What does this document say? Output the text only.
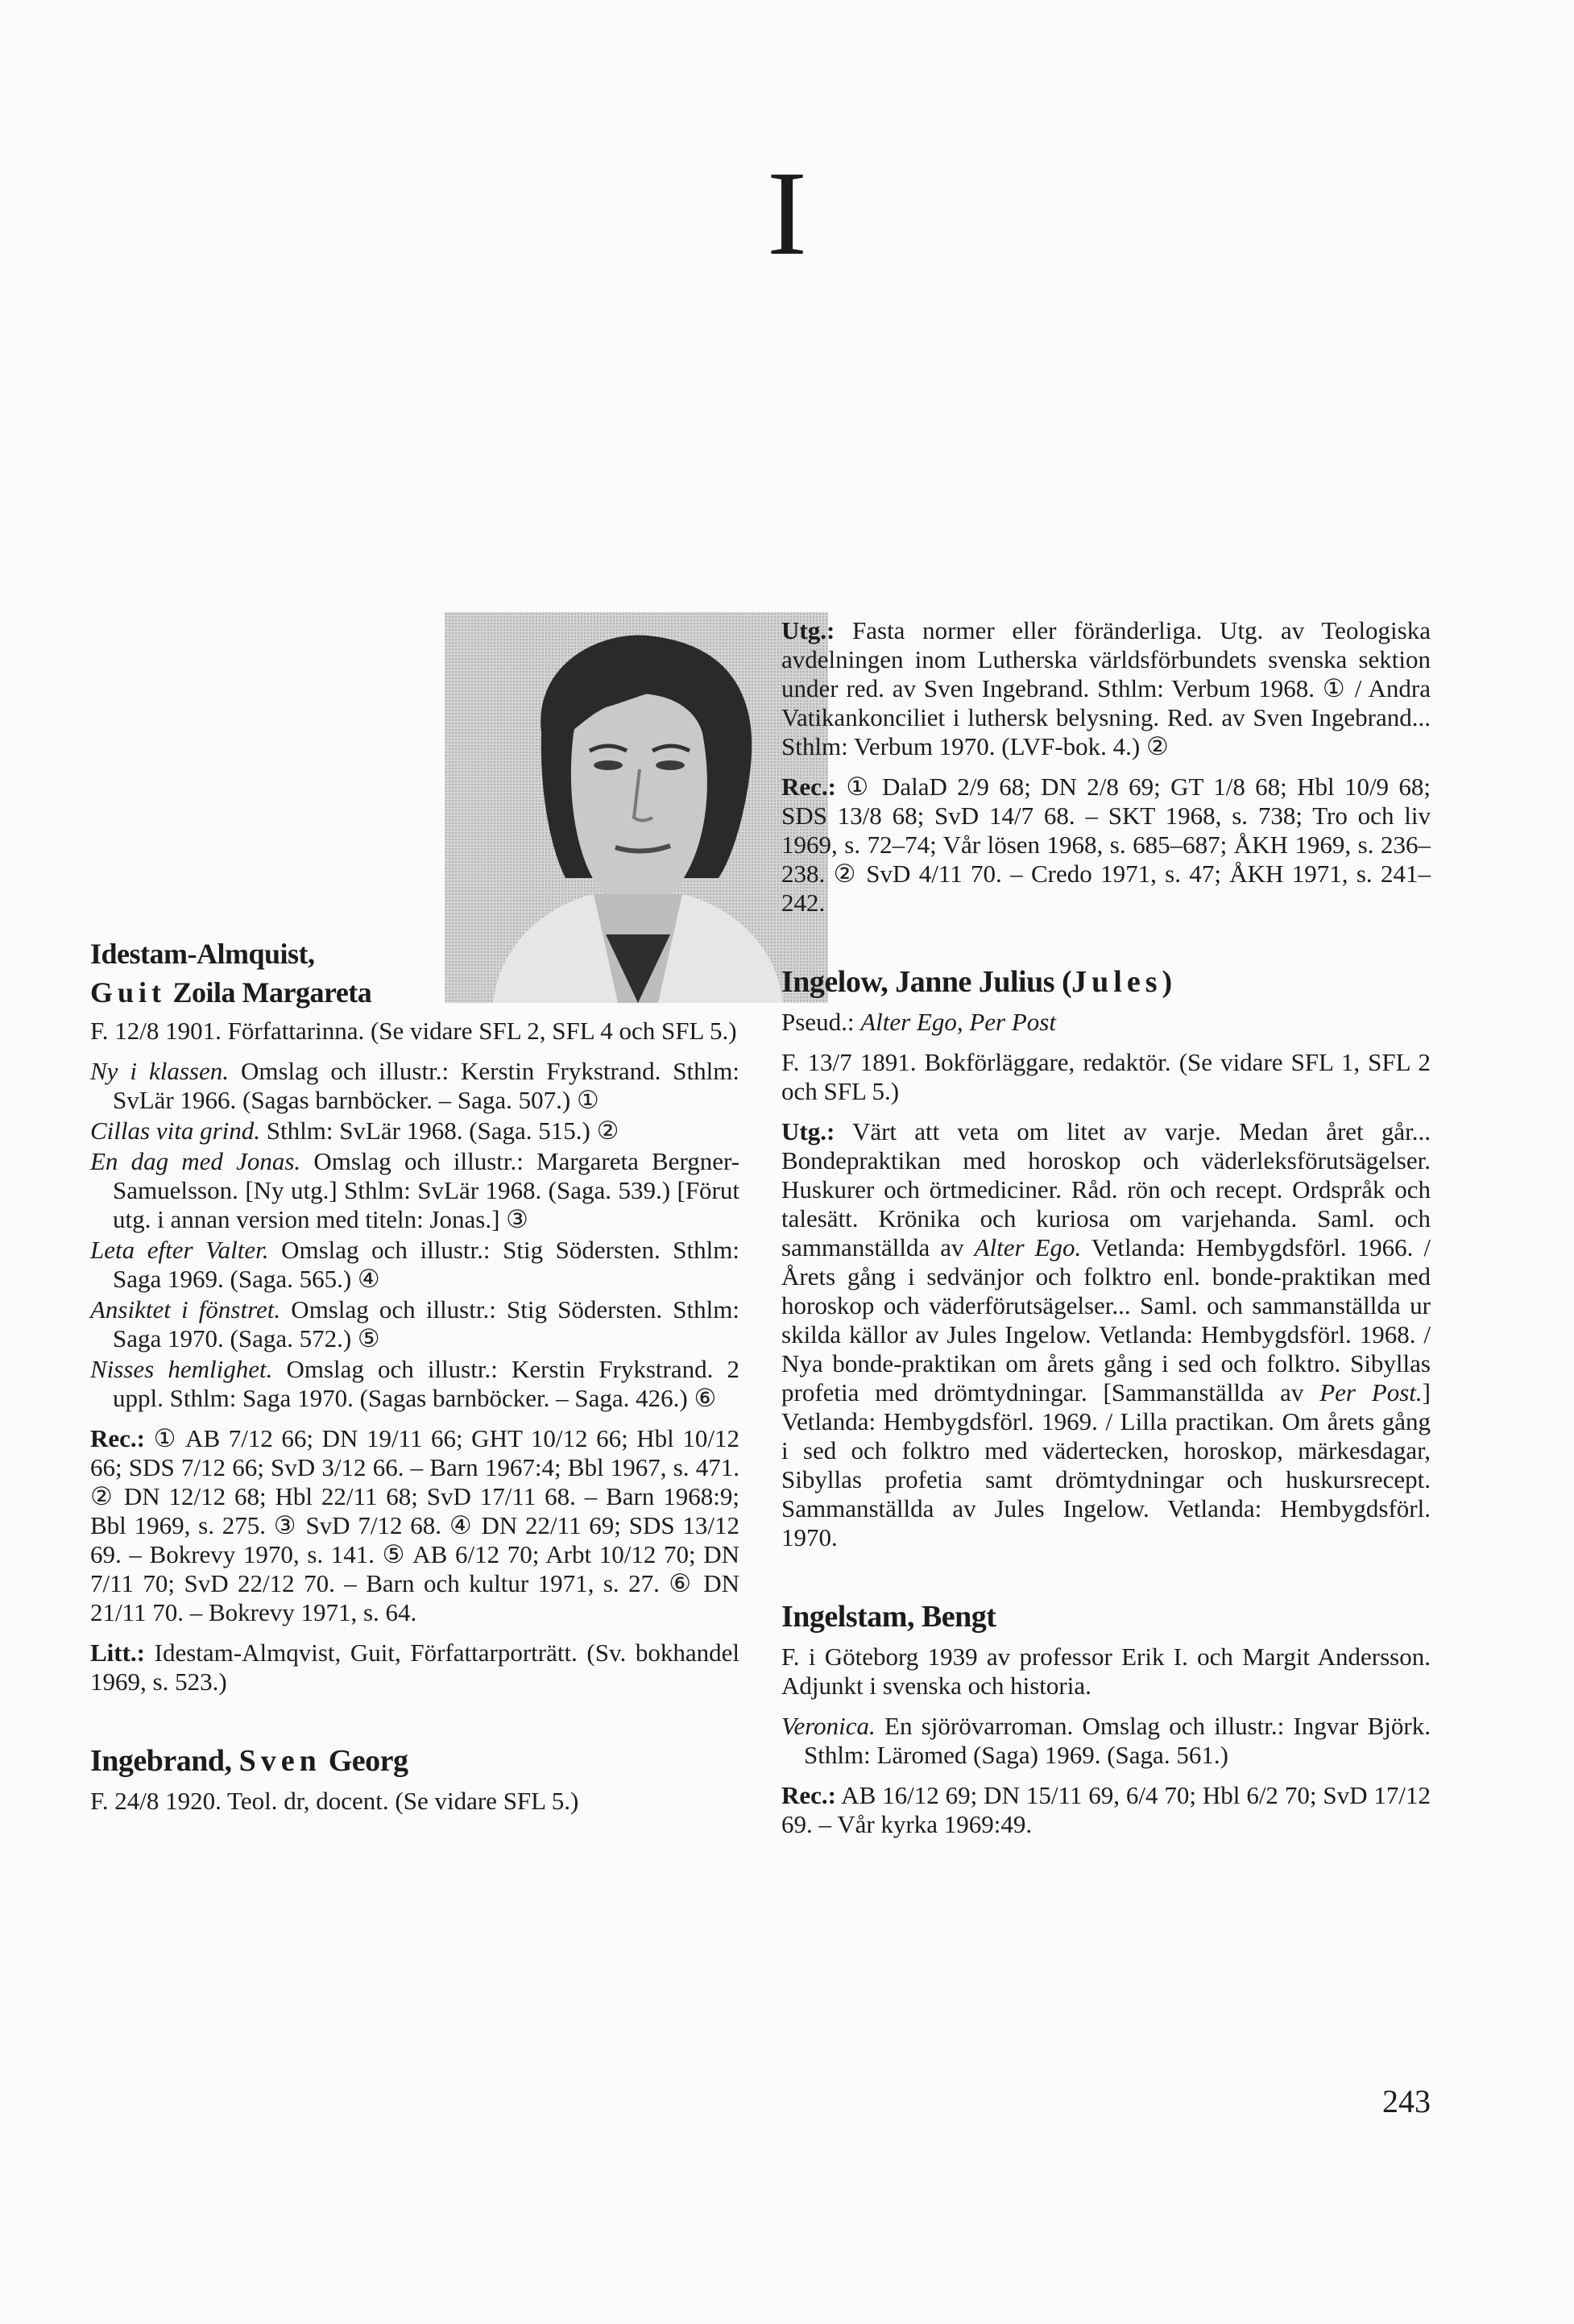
I
Idestam-Almquist,
Guit Zoila Margareta

F. 12/8 1901. Författarinna. (Se vidare SFL 2, SFL 4 och SFL 5.)

Ny i klassen. Omslag och illustr.: Kerstin Frykstrand. Sthlm: SvLär 1966. (Sagas barnböcker. – Saga. 507.) ①

Cillas vita grind. Sthlm: SvLär 1968. (Saga. 515.) ②

En dag med Jonas. Omslag och illustr.: Margareta Bergner-Samuelsson. [Ny utg.] Sthlm: SvLär 1968. (Saga. 539.) [Förut utg. i annan version med titeln: Jonas.] ③

Leta efter Valter. Omslag och illustr.: Stig Södersten. Sthlm: Saga 1969. (Saga. 565.) ④

Ansiktet i fönstret. Omslag och illustr.: Stig Södersten. Sthlm: Saga 1970. (Saga. 572.) ⑤

Nisses hemlighet. Omslag och illustr.: Kerstin Frykstrand. 2 uppl. Sthlm: Saga 1970. (Sagas barnböcker. – Saga. 426.) ⑥

Rec.: ① AB 7/12 66; DN 19/11 66; GHT 10/12 66; Hbl 10/12 66; SDS 7/12 66; SvD 3/12 66. – Barn 1967:4; Bbl 1967, s. 471. ② DN 12/12 68; Hbl 22/11 68; SvD 17/11 68. – Barn 1968:9; Bbl 1969, s. 275. ③ SvD 7/12 68. ④ DN 22/11 69; SDS 13/12 69. – Bokrevy 1970, s. 141. ⑤ AB 6/12 70; Arbt 10/12 70; DN 7/11 70; SvD 22/12 70. – Barn och kultur 1971, s. 27. ⑥ DN 21/11 70. – Bokrevy 1971, s. 64.

Litt.: Idestam-Almqvist, Guit, Författarporträtt. (Sv. bokhandel 1969, s. 523.)

Ingebrand, Sven Georg

F. 24/8 1920. Teol. dr, docent. (Se vidare SFL 5.)

Utg.: Fasta normer eller föränderliga. Utg. av Teologiska avdelningen inom Lutherska världsförbundets svenska sektion under red. av Sven Ingebrand. Sthlm: Verbum 1968. ① / Andra Vatikankonciliet i luthersk belysning. Red. av Sven Ingebrand... Sthlm: Verbum 1970. (LVF-bok. 4.) ②

Rec.: ① DalaD 2/9 68; DN 2/8 69; GT 1/8 68; Hbl 10/9 68; SDS 13/8 68; SvD 14/7 68. – SKT 1968, s. 738; Tro och liv 1969, s. 72–74; Vår lösen 1968, s. 685–687; ÅKH 1969, s. 236–238. ② SvD 4/11 70. – Credo 1971, s. 47; ÅKH 1971, s. 241–242.

Ingelow, Janne Julius (Jules)

Pseud.: Alter Ego, Per Post

F. 13/7 1891. Bokförläggare, redaktör. (Se vidare SFL 1, SFL 2 och SFL 5.)

Utg.: Värt att veta om litet av varje. Medan året går... Bondepraktikan med horoskop och väderleksförutsägelser. Huskurer och örtmediciner. Råd. rön och recept. Ordspråk och talesätt. Krönika och kuriosa om varjehanda. Saml. och sammanställda av Alter Ego. Vetlanda: Hembygdsförl. 1966. / Årets gång i sedvänjor och folktro enl. bonde-praktikan med horoskop och väderförutsägelser... Saml. och sammanställda ur skilda källor av Jules Ingelow. Vetlanda: Hembygdsförl. 1968. / Nya bonde-praktikan om årets gång i sed och folktro. Sibyllas profetia med drömtydningar. [Sammanställda av Per Post.] Vetlanda: Hembygdsförl. 1969. / Lilla practikan. Om årets gång i sed och folktro med vädertecken, horoskop, märkesdagar, Sibyllas profetia samt drömtydningar och huskursrecept. Sammanställda av Jules Ingelow. Vetlanda: Hembygdsförl. 1970.

Ingelstam, Bengt

F. i Göteborg 1939 av professor Erik I. och Margit Andersson. Adjunkt i svenska och historia.

Veronica. En sjörövarroman. Omslag och illustr.: Ingvar Björk. Sthlm: Läromed (Saga) 1969. (Saga. 561.)

Rec.: AB 16/12 69; DN 15/11 69, 6/4 70; Hbl 6/2 70; SvD 17/12 69. – Vår kyrka 1969:49.

243
